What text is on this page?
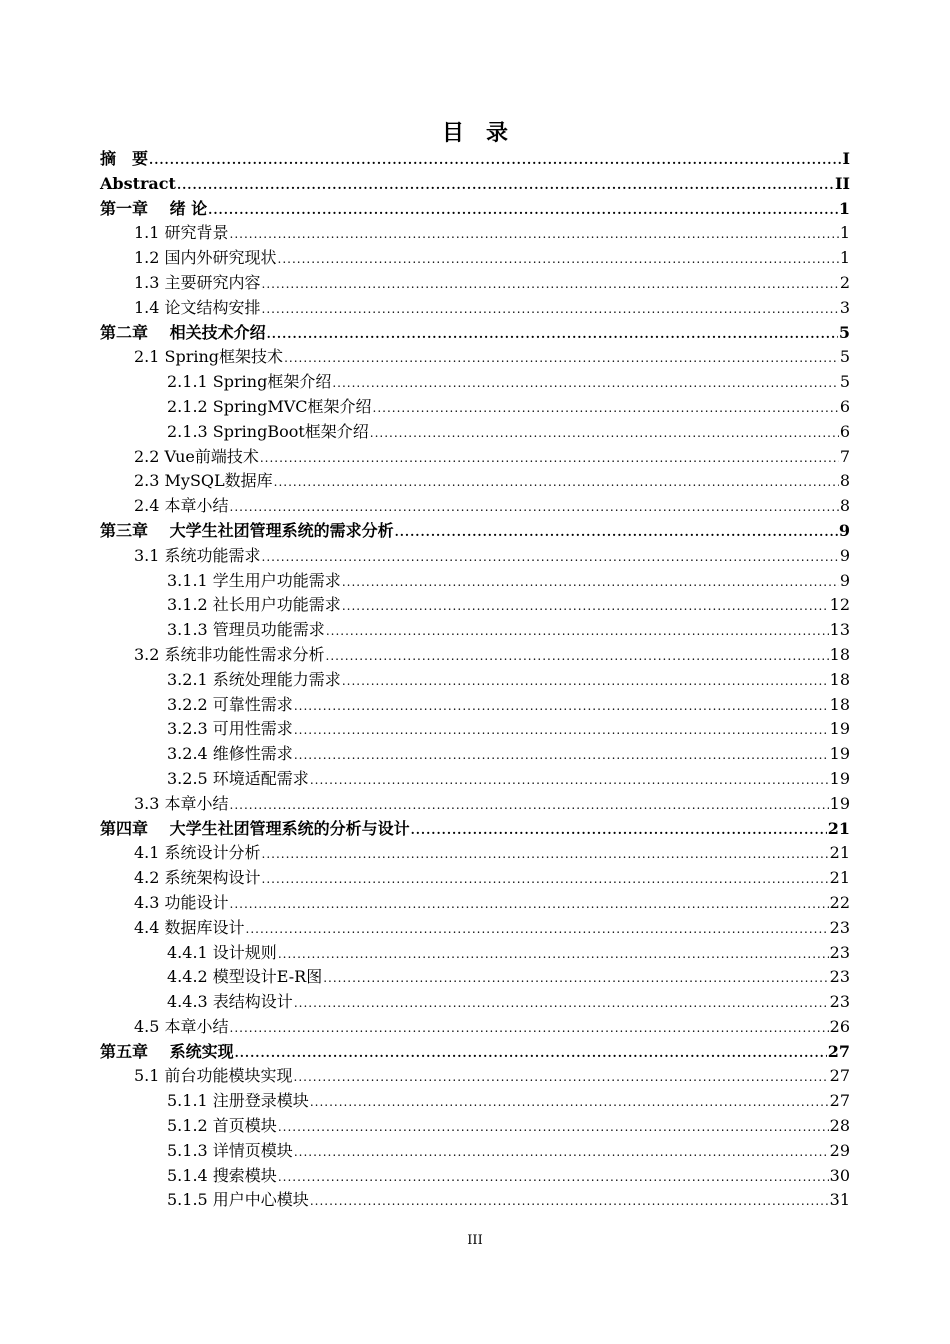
目　录
摘　要 .....	I
Abstract .....	II
第一章　 绪 论 .....	1
1.1 研究背景 .....	1
1.2 国内外研究现状 .....	1
1.3 主要研究内容 .....	2
1.4 论文结构安排 .....	3
第二章　 相关技术介绍 .....	5
2.1 Spring框架技术 .....	5
2.1.1 Spring框架介绍 .....	5
2.1.2 SpringMVC框架介绍 .....	6
2.1.3 SpringBoot框架介绍 .....	6
2.2 Vue前端技术 .....	7
2.3 MySQL数据库 .....	8
2.4 本章小结 .....	8
第三章　 大学生社团管理系统的需求分析 .....	9
3.1 系统功能需求 .....	9
3.1.1 学生用户功能需求 .....	9
3.1.2 社长用户功能需求 .....	12
3.1.3 管理员功能需求 .....	13
3.2 系统非功能性需求分析 .....	18
3.2.1 系统处理能力需求 .....	18
3.2.2 可靠性需求 .....	18
3.2.3 可用性需求 .....	19
3.2.4 维修性需求 .....	19
3.2.5 环境适配需求 .....	19
3.3 本章小结 .....	19
第四章　 大学生社团管理系统的分析与设计 .....	21
4.1 系统设计分析 .....	21
4.2 系统架构设计 .....	21
4.3 功能设计 .....	22
4.4 数据库设计 .....	23
4.4.1 设计规则 .....	23
4.4.2 模型设计E-R图 .....	23
4.4.3 表结构设计 .....	23
4.5 本章小结 .....	26
第五章　 系统实现 .....	27
5.1 前台功能模块实现 .....	27
5.1.1 注册登录模块 .....	27
5.1.2 首页模块 .....	28
5.1.3 详情页模块 .....	29
5.1.4 搜索模块 .....	30
5.1.5 用户中心模块 .....	31
III
